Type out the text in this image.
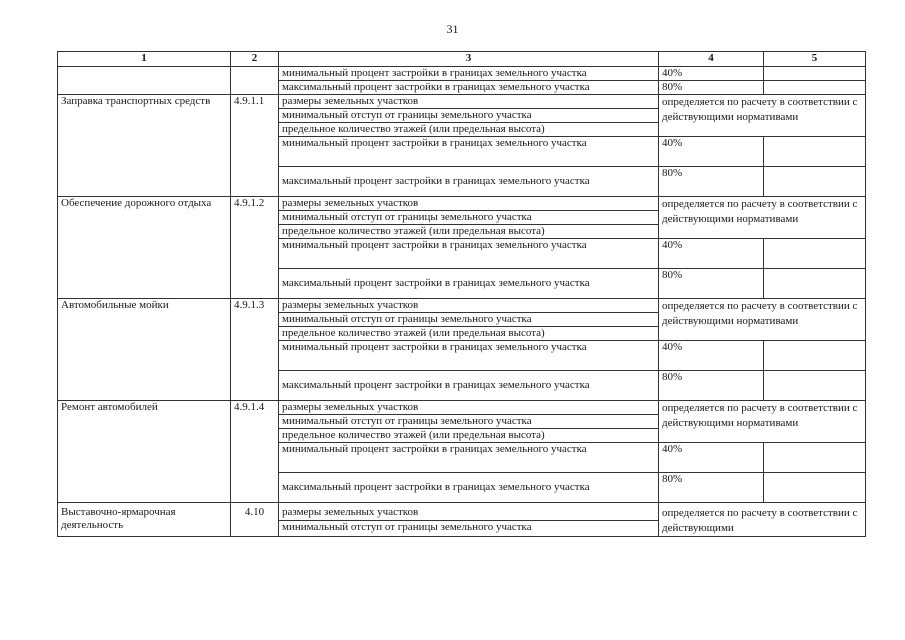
31
1	2	3	4	5
		минимальный процент застройки в границах земельного участка	40%	
		максимальный процент застройки в границах земельного участка	80%	
Заправка транспортных средств	4.9.1.1	размеры земельных участков	определяется по расчету в соответствии с действующими нормативами	
		минимальный отступ от границы земельного участка		
		предельное количество этажей (или предельная высота)		
		минимальный процент застройки в границах земельного участка	40%	
		максимальный процент застройки в границах земельного участка	80%	
Обеспечение дорожного отдыха	4.9.1.2	размеры земельных участков	определяется по расчету в соответствии с действующими нормативами	
		минимальный отступ от границы земельного участка		
		предельное количество этажей (или предельная высота)		
		минимальный процент застройки в границах земельного участка	40%	
		максимальный процент застройки в границах земельного участка	80%	
Автомобильные мойки	4.9.1.3	размеры земельных участков	определяется по расчету в соответствии с действующими нормативами	
		минимальный отступ от границы земельного участка		
		предельное количество этажей (или предельная высота)		
		минимальный процент застройки в границах земельного участка	40%	
		максимальный процент застройки в границах земельного участка	80%	
Ремонт автомобилей	4.9.1.4	размеры земельных участков	определяется по расчету в соответствии с действующими нормативами	
		минимальный отступ от границы земельного участка		
		предельное количество этажей (или предельная высота)		
		минимальный процент застройки в границах земельного участка	40%	
		максимальный процент застройки в границах земельного участка	80%	
Выставочно-ярмарочная деятельность	4.10	размеры земельных участков	определяется по расчету в соответствии с действующими	
		минимальный отступ от границы земельного участка		
